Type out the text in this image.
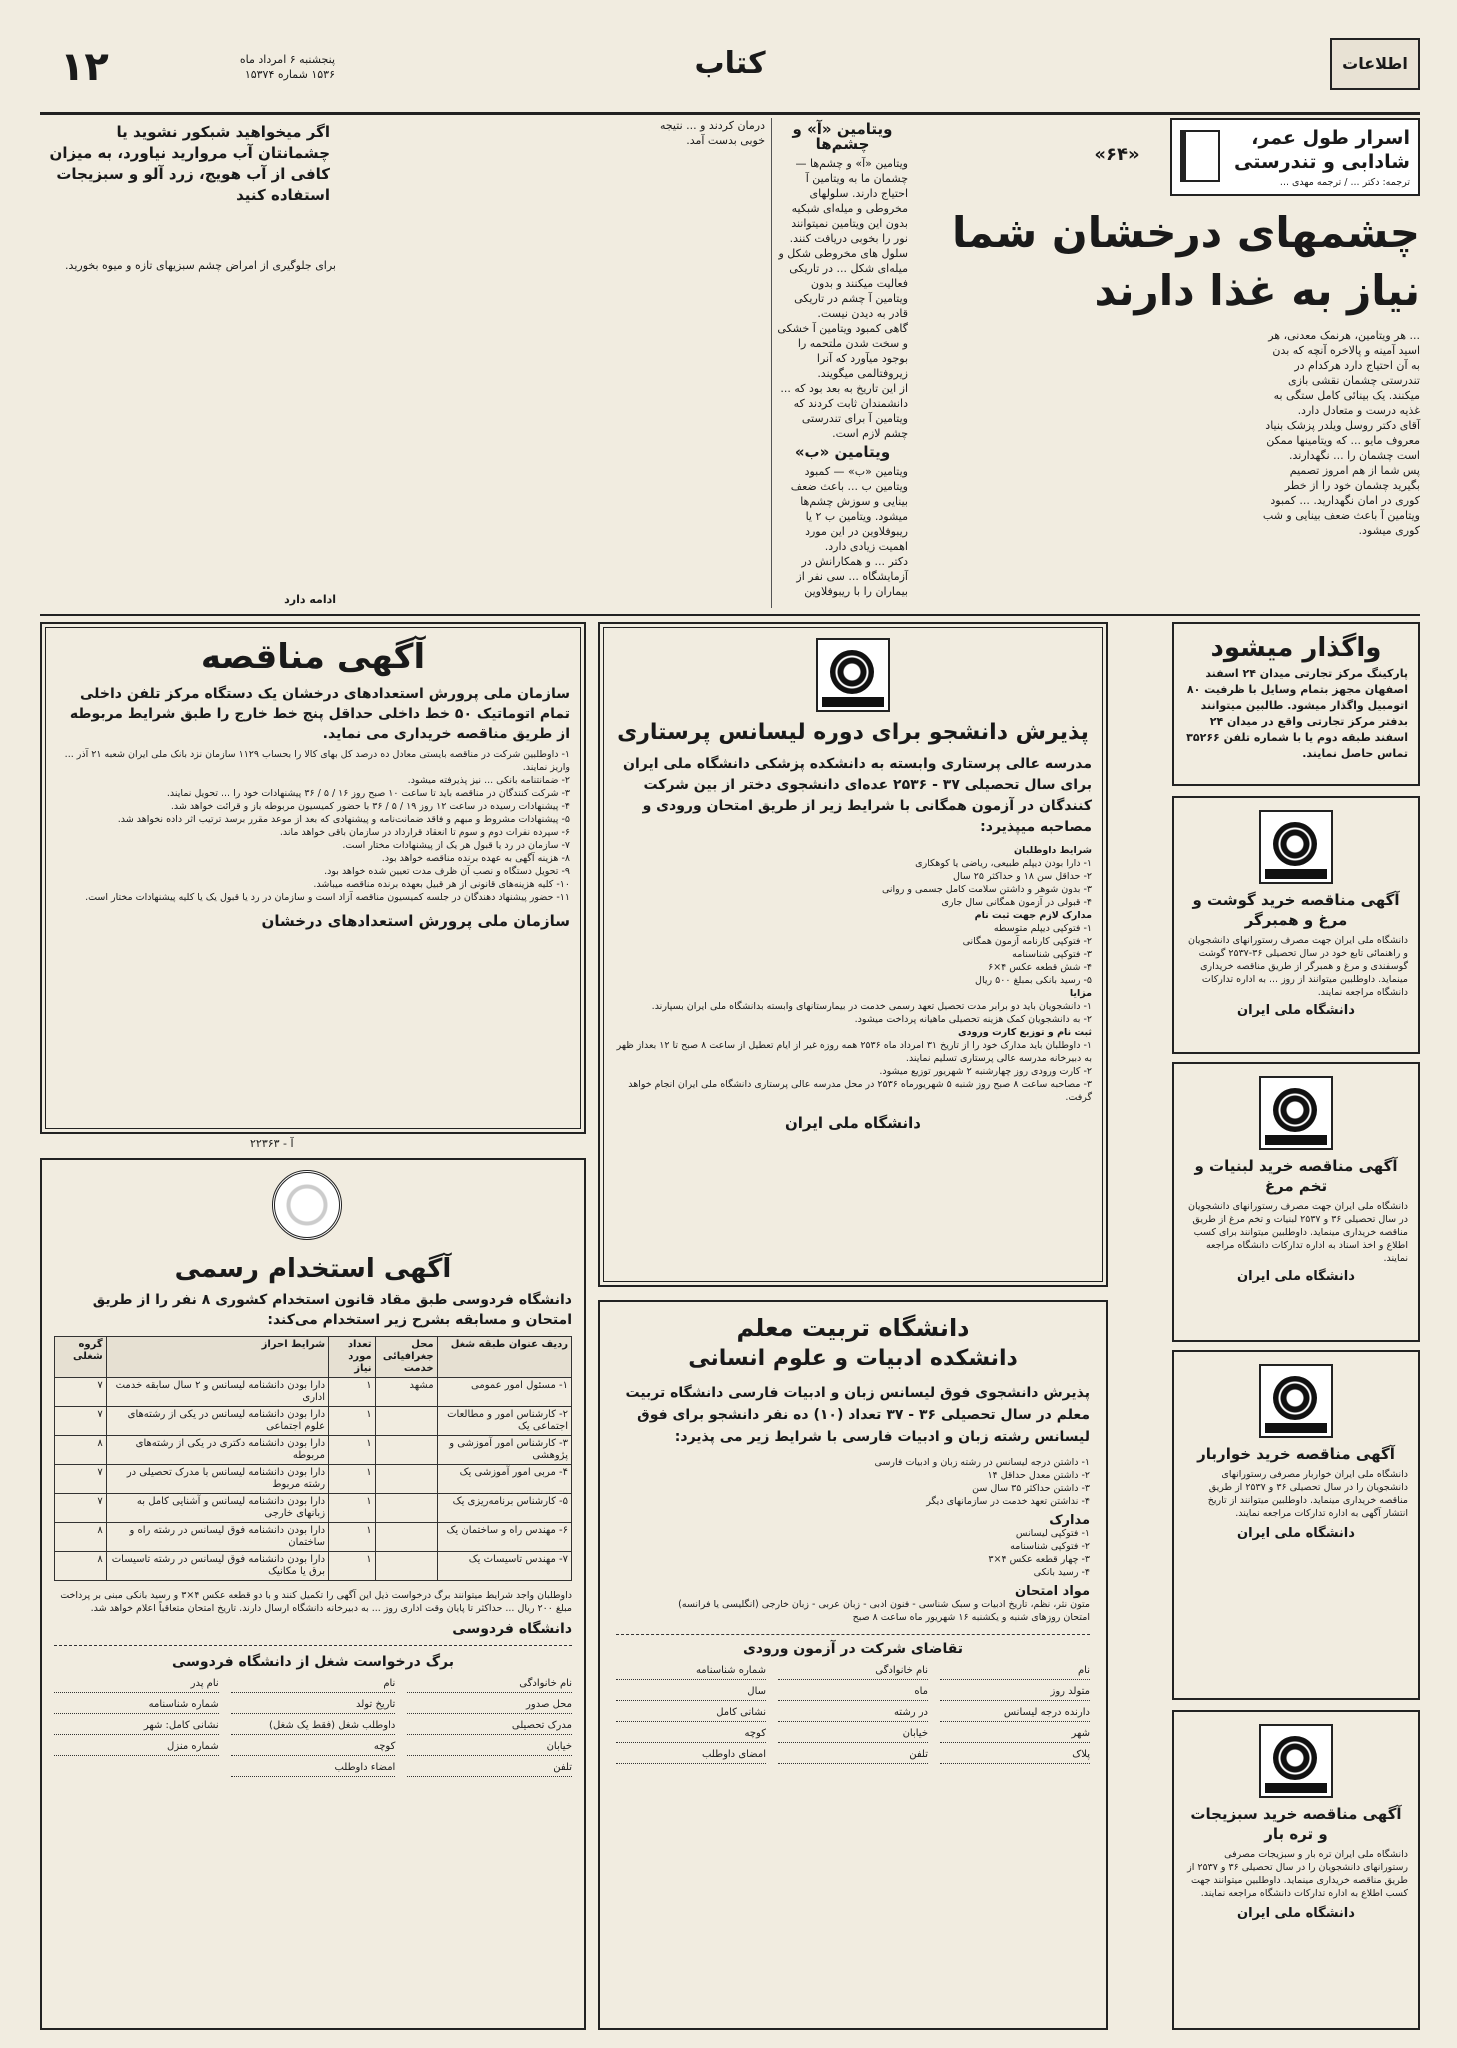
۱۲	پنجشنبه ۶ امرداد ماه
۱۵۳۶ شماره ۱۵۳۷۴	کتاب	اطلاعات
اسرار طول عمر، شادابی و تندرستی
ترجمه: دکتر ... / ترجمه مهدی ...
«۶۴»
چشمهای درخشان شما
نیاز به غذا دارند

... هر ویتامین، هرنمک معدنی، هر اسید آمینه و پالاخره آنچه که بدن به آن احتیاج دارد هرکدام در تندرستی چشمان نقشی بازی میکنند. یک بینائی کامل ستگی به غذیه درست و متعادل دارد.

آقای دکتر روسل ویلدر پزشک بنیاد معروف مایو ... که ویتامینها ممکن است چشمان را ... نگهدارند.

پس شما از هم امروز تصمیم بگیرید چشمان خود را از خطر کوری در امان نگهدارید. ... کمبود ویتامین آ باعث ضعف بینایی و شب کوری میشود.

ویتامین «آ» و چشم‌ها

ویتامین «آ» و چشم‌ها — چشمان ما به ویتامین آ احتیاج دارند. سلولهای مخروطی و میله‌ای شبکیه بدون این ویتامین نمیتوانند نور را بخوبی دریافت کنند.

سلول های مخروطی شکل و میله‌ای شکل ... در تاریکی فعالیت میکنند و بدون ویتامین آ چشم در تاریکی قادر به دیدن نیست.

گاهی کمبود ویتامین آ خشکی و سخت شدن ملتحمه را بوجود میآورد که آنرا زیروفتالمی میگویند.

از این تاریخ به بعد بود که ... دانشمندان ثابت کردند که ویتامین آ برای تندرستی چشم لازم است.

ویتامین «ب»

ویتامین «ب» — کمبود ویتامین ب ... باعث ضعف بینایی و سوزش چشم‌ها میشود. ویتامین ب ۲ یا ریبوفلاوین در این مورد اهمیت زیادی دارد.

دکتر ... و همکارانش در آزمایشگاه ... سی نفر از بیماران را با ریبوفلاوین درمان کردند و ... نتیجه خوبی بدست آمد.

اگر میخواهید شبکور نشوید یا چشمانتان آب مروارید نیاورد، به میزان کافی از آب هویج، زرد آلو و سبزیجات استفاده کنید

برای جلوگیری از امراض چشم سبزیهای تازه و میوه بخورید.

ادامه دارد
آگهی مناقصه
سازمان ملی پرورش استعدادهای درخشان یک دستگاه مرکز تلفن داخلی تمام اتوماتیک ۵۰ خط داخلی حداقل پنج خط خارج را طبق شرایط مربوطه از طریق مناقصه خریداری می نماید.

۱- داوطلبین شرکت در مناقصه بایستی معادل ده درصد کل بهای کالا را بحساب ۱۱۲۹ سازمان نزد بانک ملی ایران شعبه ۲۱ آذر ... واریز نمایند.

۲- ضمانتنامه بانکی ... نیز پذیرفته میشود.

۳- شرکت کنندگان در مناقصه باید تا ساعت ۱۰ صبح روز ۱۶ / ۵ / ۳۶ پیشنهادات خود را ... تحویل نمایند.

۴- پیشنهادات رسیده در ساعت ۱۲ روز ۱۹ / ۵ / ۳۶ با حضور کمیسیون مربوطه باز و قرائت خواهد شد.

۵- پیشنهادات مشروط و مبهم و فاقد ضمانت‌نامه و پیشنهادی که بعد از موعد مقرر برسد ترتیب اثر داده نخواهد شد.

۶- سپرده نفرات دوم و سوم تا انعقاد قرارداد در سازمان باقی خواهد ماند.

۷- سازمان در رد یا قبول هر یک از پیشنهادات مختار است.

۸- هزینه آگهی به عهده برنده مناقصه خواهد بود.

۹- تحویل دستگاه و نصب آن ظرف مدت تعیین شده خواهد بود.

۱۰- کلیه هزینه‌های قانونی از هر قبیل بعهده برنده مناقصه میباشد.

۱۱- حضور پیشنهاد دهندگان در جلسه کمیسیون مناقصه آزاد است و سازمان در رد یا قبول یک یا کلیه پیشنهادات مختار است.

سازمان ملی پرورش استعدادهای درخشان
آ - ۲۲۳۶۳
آگهی استخدام رسمی
دانشگاه فردوسی طبق مقاد قانون استخدام کشوری ۸ نفر را از طریق امتحان و مسابقه بشرح زیر استخدام می‌کند:
ردیف عنوان طبقه شغل	محل جغرافیائی خدمت	تعداد مورد نیاز	شرایط احراز	گروه شغلی
۱- مسئول امور عمومی	مشهد	۱	دارا بودن دانشنامه لیسانس و ۲ سال سابقه خدمت اداری	۷
۲- کارشناس امور و مطالعات اجتماعی یک		۱	دارا بودن دانشنامه لیسانس در یکی از رشته‌های علوم اجتماعی	۷
۳- کارشناس امور آموزشی و پژوهشی		۱	دارا بودن دانشنامه دکتری در یکی از رشته‌های مربوطه	۸
۴- مربی امور آموزشی یک		۱	دارا بودن دانشنامه لیسانس با مدرک تحصیلی در رشته مربوط	۷
۵- کارشناس برنامه‌ریزی یک		۱	دارا بودن دانشنامه لیسانس و آشنایی کامل به زبانهای خارجی	۷
۶- مهندس راه و ساختمان یک		۱	دارا بودن دانشنامه فوق لیسانس در رشته راه و ساختمان	۸
۷- مهندس تاسیسات یک		۱	دارا بودن دانشنامه فوق لیسانس در رشته تاسیسات برق یا مکانیک	۸
داوطلبان واجد شرایط میتوانند برگ درخواست ذیل این آگهی را تکمیل کنند و با دو قطعه عکس ۴×۳ و رسید بانکی مبنی بر پرداخت مبلغ ۲۰۰ ریال ... حداکثر تا پایان وقت اداری روز ... به دبیرخانه دانشگاه ارسال دارند. تاریخ امتحان متعاقباً اعلام خواهد شد.
دانشگاه فردوسی
برگ درخواست شغل از دانشگاه فردوسی
نام خانوادگی
نام
نام پدر
محل صدور
تاریخ تولد
شماره شناسنامه
مدرک تحصیلی
داوطلب شغل (فقط یک شغل)
نشانی کامل: شهر
خیابان
کوچه
شماره منزل
تلفن
امضاء داوطلب
پذیرش دانشجو برای دوره لیسانس پرستاری
مدرسه عالی پرستاری وابسته به دانشکده پزشکی دانشگاه ملی ایران برای سال تحصیلی ۳۷ - ۲۵۳۶ عده‌ای دانشجوی دختر از بین شرکت کنندگان در آزمون همگانی با شرایط زیر از طریق امتحان ورودی و مصاحبه میپذیرد:

شرایط داوطلبان

۱- دارا بودن دیپلم طبیعی، ریاضی یا کوهکاری

۲- حداقل سن ۱۸ و حداکثر ۲۵ سال

۳- بدون شوهر و داشتن سلامت کامل جسمی و روانی

۴- قبولی در آزمون همگانی سال جاری

مدارک لازم جهت ثبت نام

۱- فتوکپی دیپلم متوسطه

۲- فتوکپی کارنامه آزمون همگانی

۳- فتوکپی شناسنامه

۴- شش قطعه عکس ۴×۶

۵- رسید بانکی بمبلغ ۵۰۰ ریال

مزایا

۱- دانشجویان باید دو برابر مدت تحصیل تعهد رسمی خدمت در بیمارستانهای وابسته بدانشگاه ملی ایران بسپارند.

۲- به دانشجویان کمک هزینه تحصیلی ماهیانه پرداخت میشود.

ثبت نام و توزیع کارت ورودی

۱- داوطلبان باید مدارک خود را از تاریخ ۳۱ امرداد ماه ۲۵۳۶ همه روزه غیر از ایام تعطیل از ساعت ۸ صبح تا ۱۲ بعداز ظهر به دبیرخانه مدرسه عالی پرستاری تسلیم نمایند.

۲- کارت ورودی روز چهارشنبه ۲ شهریور توزیع میشود.

۳- مصاحبه ساعت ۸ صبح روز شنبه ۵ شهریورماه ۲۵۳۶ در محل مدرسه عالی پرستاری دانشگاه ملی ایران انجام خواهد گرفت.

دانشگاه ملی ایران
دانشگاه تربیت معلم
دانشکده ادبیات و علوم انسانی
پذیرش دانشجوی فوق لیسانس زبان و ادبیات فارسی دانشگاه تربیت معلم در سال تحصیلی ۳۶ - ۳۷ تعداد (۱۰) ده نفر دانشجو برای فوق لیسانس رشته زبان و ادبیات فارسی با شرایط زیر می پذیرد:

۱- داشتن درجه لیسانس در رشته زبان و ادبیات فارسی

۲- داشتن معدل حداقل ۱۴

۳- داشتن حداکثر ۳۵ سال سن

۴- نداشتن تعهد خدمت در سازمانهای دیگر

مدارک

۱- فتوکپی لیسانس

۲- فتوکپی شناسنامه

۳- چهار قطعه عکس ۴×۳

۴- رسید بانکی

مواد امتحان

متون نثر، نظم، تاریخ ادبیات و سبک شناسی - فنون ادبی - زبان عربی - زبان خارجی (انگلیسی یا فرانسه)

امتحان روزهای شنبه و یکشنبه ۱۶ شهریور ماه ساعت ۸ صبح

تقاضای شرکت در آزمون ورودی
نام
نام خانوادگی
شماره شناسنامه
متولد روز
ماه
سال
دارنده درجه لیسانس
در رشته
نشانی کامل
شهر
خیابان
کوچه
پلاک
تلفن
امضای داوطلب
واگذار میشود
پارکینگ مرکز تجارتی میدان ۲۴ اسفند اصفهان مجهز بتمام وسایل با ظرفیت ۸۰ اتومبیل واگذار میشود. طالبین میتوانند بدفتر مرکز تجارتی واقع در میدان ۲۴ اسفند طبقه دوم یا با شماره تلفن ۳۵۲۶۶ تماس حاصل نمایند.
آگهی مناقصه خرید گوشت و مرغ و همبرگر
دانشگاه ملی ایران جهت مصرف رستورانهای دانشجویان و راهنمائی تابع خود در سال تحصیلی ۳۶-۲۵۳۷ گوشت گوسفندی و مرغ و همبرگر از طریق مناقصه خریداری مینماید. داوطلبین میتوانند از روز ... به اداره تدارکات دانشگاه مراجعه نمایند.
دانشگاه ملی ایران
آگهی مناقصه خرید لبنیات و تخم مرغ
دانشگاه ملی ایران جهت مصرف رستورانهای دانشجویان در سال تحصیلی ۳۶ و ۲۵۳۷ لبنیات و تخم مرغ از طریق مناقصه خریداری مینماید. داوطلبین میتوانند برای کسب اطلاع و اخذ اسناد به اداره تدارکات دانشگاه مراجعه نمایند.
دانشگاه ملی ایران
آگهی مناقصه خرید خواربار
دانشگاه ملی ایران خواربار مصرفی رستورانهای دانشجویان را در سال تحصیلی ۳۶ و ۲۵۳۷ از طریق مناقصه خریداری مینماید. داوطلبین میتوانند از تاریخ انتشار آگهی به اداره تدارکات مراجعه نمایند.
دانشگاه ملی ایران
آگهی مناقصه خرید سبزیجات و تره بار
دانشگاه ملی ایران تره بار و سبزیجات مصرفی رستورانهای دانشجویان را در سال تحصیلی ۳۶ و ۲۵۳۷ از طریق مناقصه خریداری مینماید. داوطلبین میتوانند جهت کسب اطلاع به اداره تدارکات دانشگاه مراجعه نمایند.
دانشگاه ملی ایران
